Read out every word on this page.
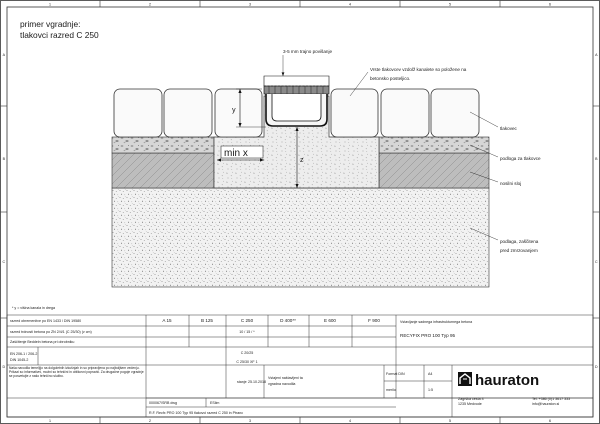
1	2	3	4	5	6
1	2	3	4	5	6
A
B
C
D
A
B
C
D
primer vgradnje:
tlakovci razred C 250
y
min x
z
3-5 mm trajno povišanje
Vrste tlakovcev vzdolž kanalete so položene na
betonsko posteljico.
tlakovec
podloga za tlakovce
nosilni sloj
podlaga, zaščitena
pred zmrzovanjem
* y = višina kanala in drega
razred obremenitve po EN 1433 / DIN 19580
razred trdnosti betona po ZN 2/4/1 (C 25/30) (v cm)
Zaščitenje Beddeln betona pri obrobniku
EN 206-1 / 206-2
DIN 1045-2
A 15	B 125	C 250	D 400**	E 600	F 900
10 / 15 / *
C 20/25
C 25/30 XF 1
Naša navodila temeljijo na dolgoletnih izkušnjah in so pripravljena po najboljšem vedenju. Prikazi so informativni, možni so tehnični in oblikovni popravki. Za drugačne pogoje vgradnje se posvetujte z našo tehnično službo.
Vstavljanje sadnega infrastrukturnega betona
RECYFIX PRO 100 Typ 95
stanje 25.10.2018
Vstajeni naštavljeni ta
vgradna navodila
Format DIN	A4
merilo	1:5
000067/SRB dwg	ESlim
R.F. Recfx PRO 100 Typ 95 tlakovci razred C 250 in Ptranc
hauraton
Zagrška cesta 4
1235 Medvode
Tel. +386 (0)1 3617 333
info@hauraton.si
